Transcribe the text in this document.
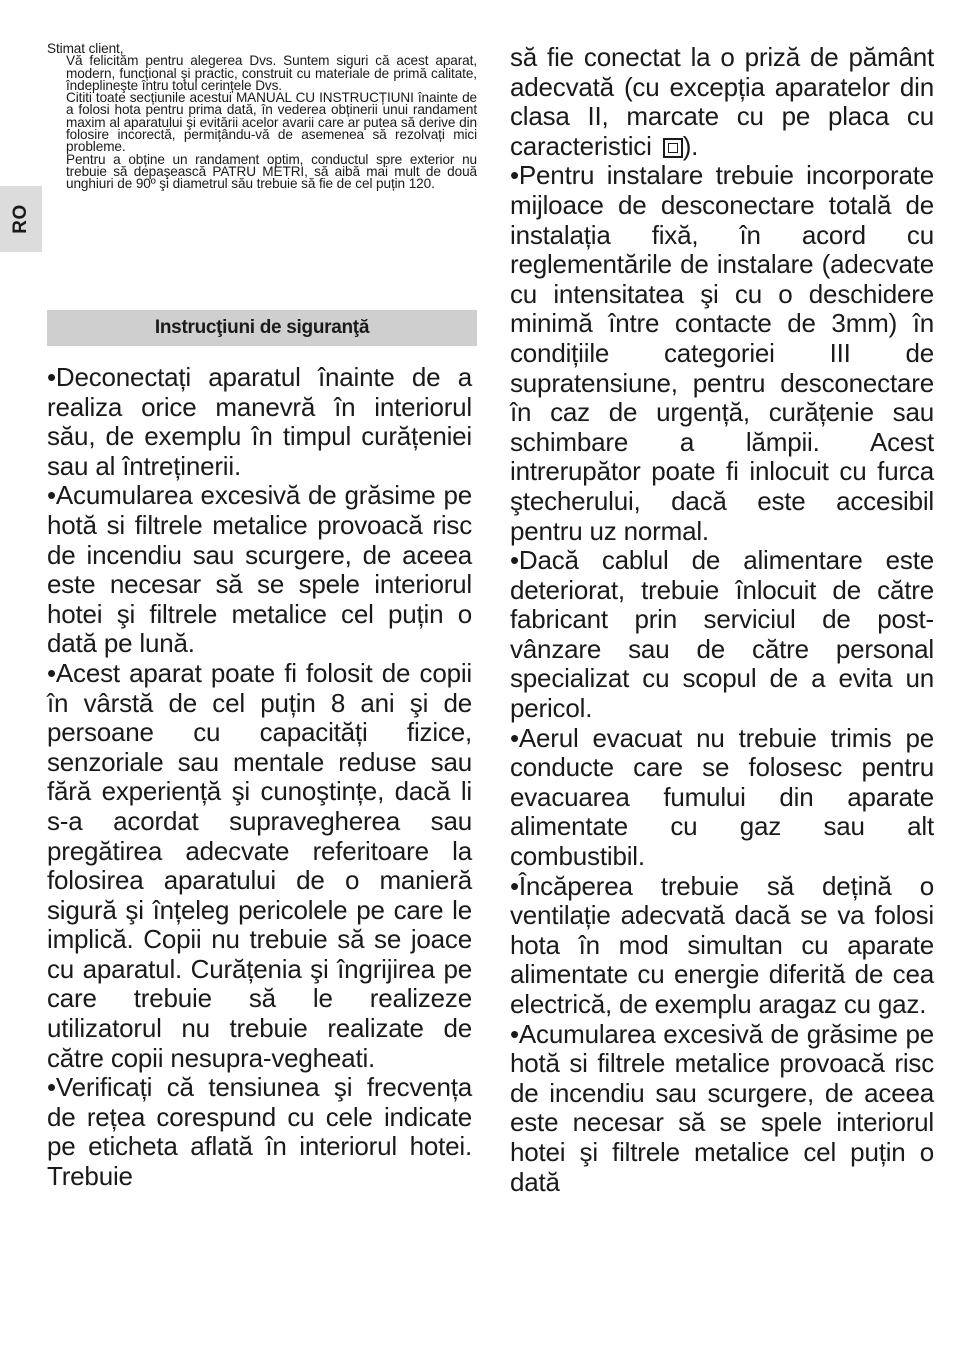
RO

Stimat client,

Vă felicităm pentru alegerea Dvs. Suntem siguri că acest aparat, modern, funcțional şi practic, construit cu materiale de primă calitate, îndeplineşte întru totul cerințele Dvs.

Cititi toate secțiunile acestui MANUAL CU INSTRUCȚIUNI înainte de a folosi hota pentru prima dată, în vederea obținerii unui randament maxim al aparatului şi evitării acelor avarii care ar putea să derive din folosire incorectă, permițându-vă de asemenea să rezolvați mici probleme.

Pentru a obține un randament optim, conductul spre exterior nu trebuie să depaşească PATRU METRI, să aibă mai mult de două unghiuri de 90º şi diametrul său trebuie să fie de cel puțin 120.

Instrucţiuni de siguranţă

•Deconectați aparatul înainte de a realiza orice manevră în interiorul său, de exemplu în timpul curățeniei sau al întreținerii.

•Acumularea excesivă de grăsime pe hotă si filtrele metalice provoacă risc de incendiu sau scurgere, de aceea este necesar să se spele interiorul hotei şi filtrele metalice cel puțin o dată pe lună.

•Acest aparat poate fi folosit de copii în vârstă de cel puțin 8 ani şi de persoane cu capacități fizice, senzoriale sau mentale reduse sau fără experiență şi cunoştințe, dacă li s-a acordat supravegherea sau pregătirea adecvate referitoare la folosirea aparatului de o manieră sigură şi înțeleg pericolele pe care le implică. Copii nu trebuie să se joace cu aparatul. Curățenia şi îngrijirea pe care trebuie să le realizeze utilizatorul nu trebuie realizate de către copii nesupra-vegheati.

•Verificați că tensiunea şi frecvența de rețea corespund cu cele indicate pe eticheta aflată în interiorul hotei. Trebuie

să fie conectat la o priză de pământ adecvată (cu excepția aparatelor din clasa II, marcate cu pe placa cu caracteristici ).

•Pentru instalare trebuie incorporate mijloace de desconectare totală de instalația fixă, în acord cu reglementările de instalare (adecvate cu intensitatea şi cu o deschidere minimă între contacte de 3mm) în condițiile categoriei III de supratensiune, pentru desconectare în caz de urgență, curățenie sau schimbare a lămpii. Acest intrerupător poate fi inlocuit cu furca ştecherului, dacă este accesibil pentru uz normal.

•Dacă cablul de alimentare este deteriorat, trebuie înlocuit de către fabricant prin serviciul de post-vânzare sau de către personal specializat cu scopul de a evita un pericol.

•Aerul evacuat nu trebuie trimis pe conducte care se folosesc pentru evacuarea fumului din aparate alimentate cu gaz sau alt combustibil.

•Încăperea trebuie să dețină o ventilație adecvată dacă se va folosi hota în mod simultan cu aparate alimentate cu energie diferită de cea electrică, de exemplu aragaz cu gaz.

•Acumularea excesivă de grăsime pe hotă si filtrele metalice provoacă risc de incendiu sau scurgere, de aceea este necesar să se spele interiorul hotei şi filtrele metalice cel puțin o dată
